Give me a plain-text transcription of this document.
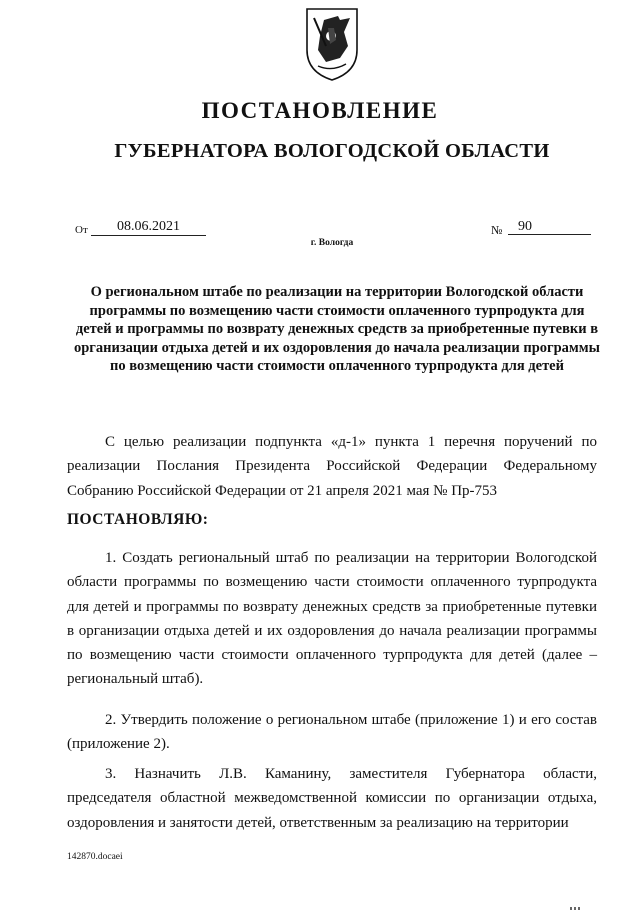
ПОСТАНОВЛЕНИЕ
ГУБЕРНАТОРА ВОЛОГОДСКОЙ ОБЛАСТИ
От	08.06.2021	№	90
г. Вологда
О региональном штабе по реализации на территории Вологодской области программы по возмещению части стоимости оплаченного турпродукта для детей и программы по возврату денежных средств за приобретенные путевки в организации отдыха детей и их оздоровления до начала реализации программы по возмещению части стоимости оплаченного турпродукта для детей

С целью реализации подпункта «д-1» пункта 1 перечня поручений по реализации Послания Президента Российской Федерации Федеральному Собранию Российской Федерации от 21 апреля 2021 мая № Пр-753

ПОСТАНОВЛЯЮ:

1. Создать региональный штаб по реализации на территории Вологодской области программы по возмещению части стоимости оплаченного турпродукта для детей и программы по возврату денежных средств за приобретенные путевки в организации отдыха детей и их оздоровления до начала реализации программы по возмещению части стоимости оплаченного турпродукта для детей (далее – региональный штаб).

2. Утвердить положение о региональном штабе (приложение 1) и его состав (приложение 2).

3. Назначить Л.В. Каманину, заместителя Губернатора области, председателя областной межведомственной комиссии по организации отдыха, оздоровления и занятости детей, ответственным за реализацию на территории

142870.docaei
